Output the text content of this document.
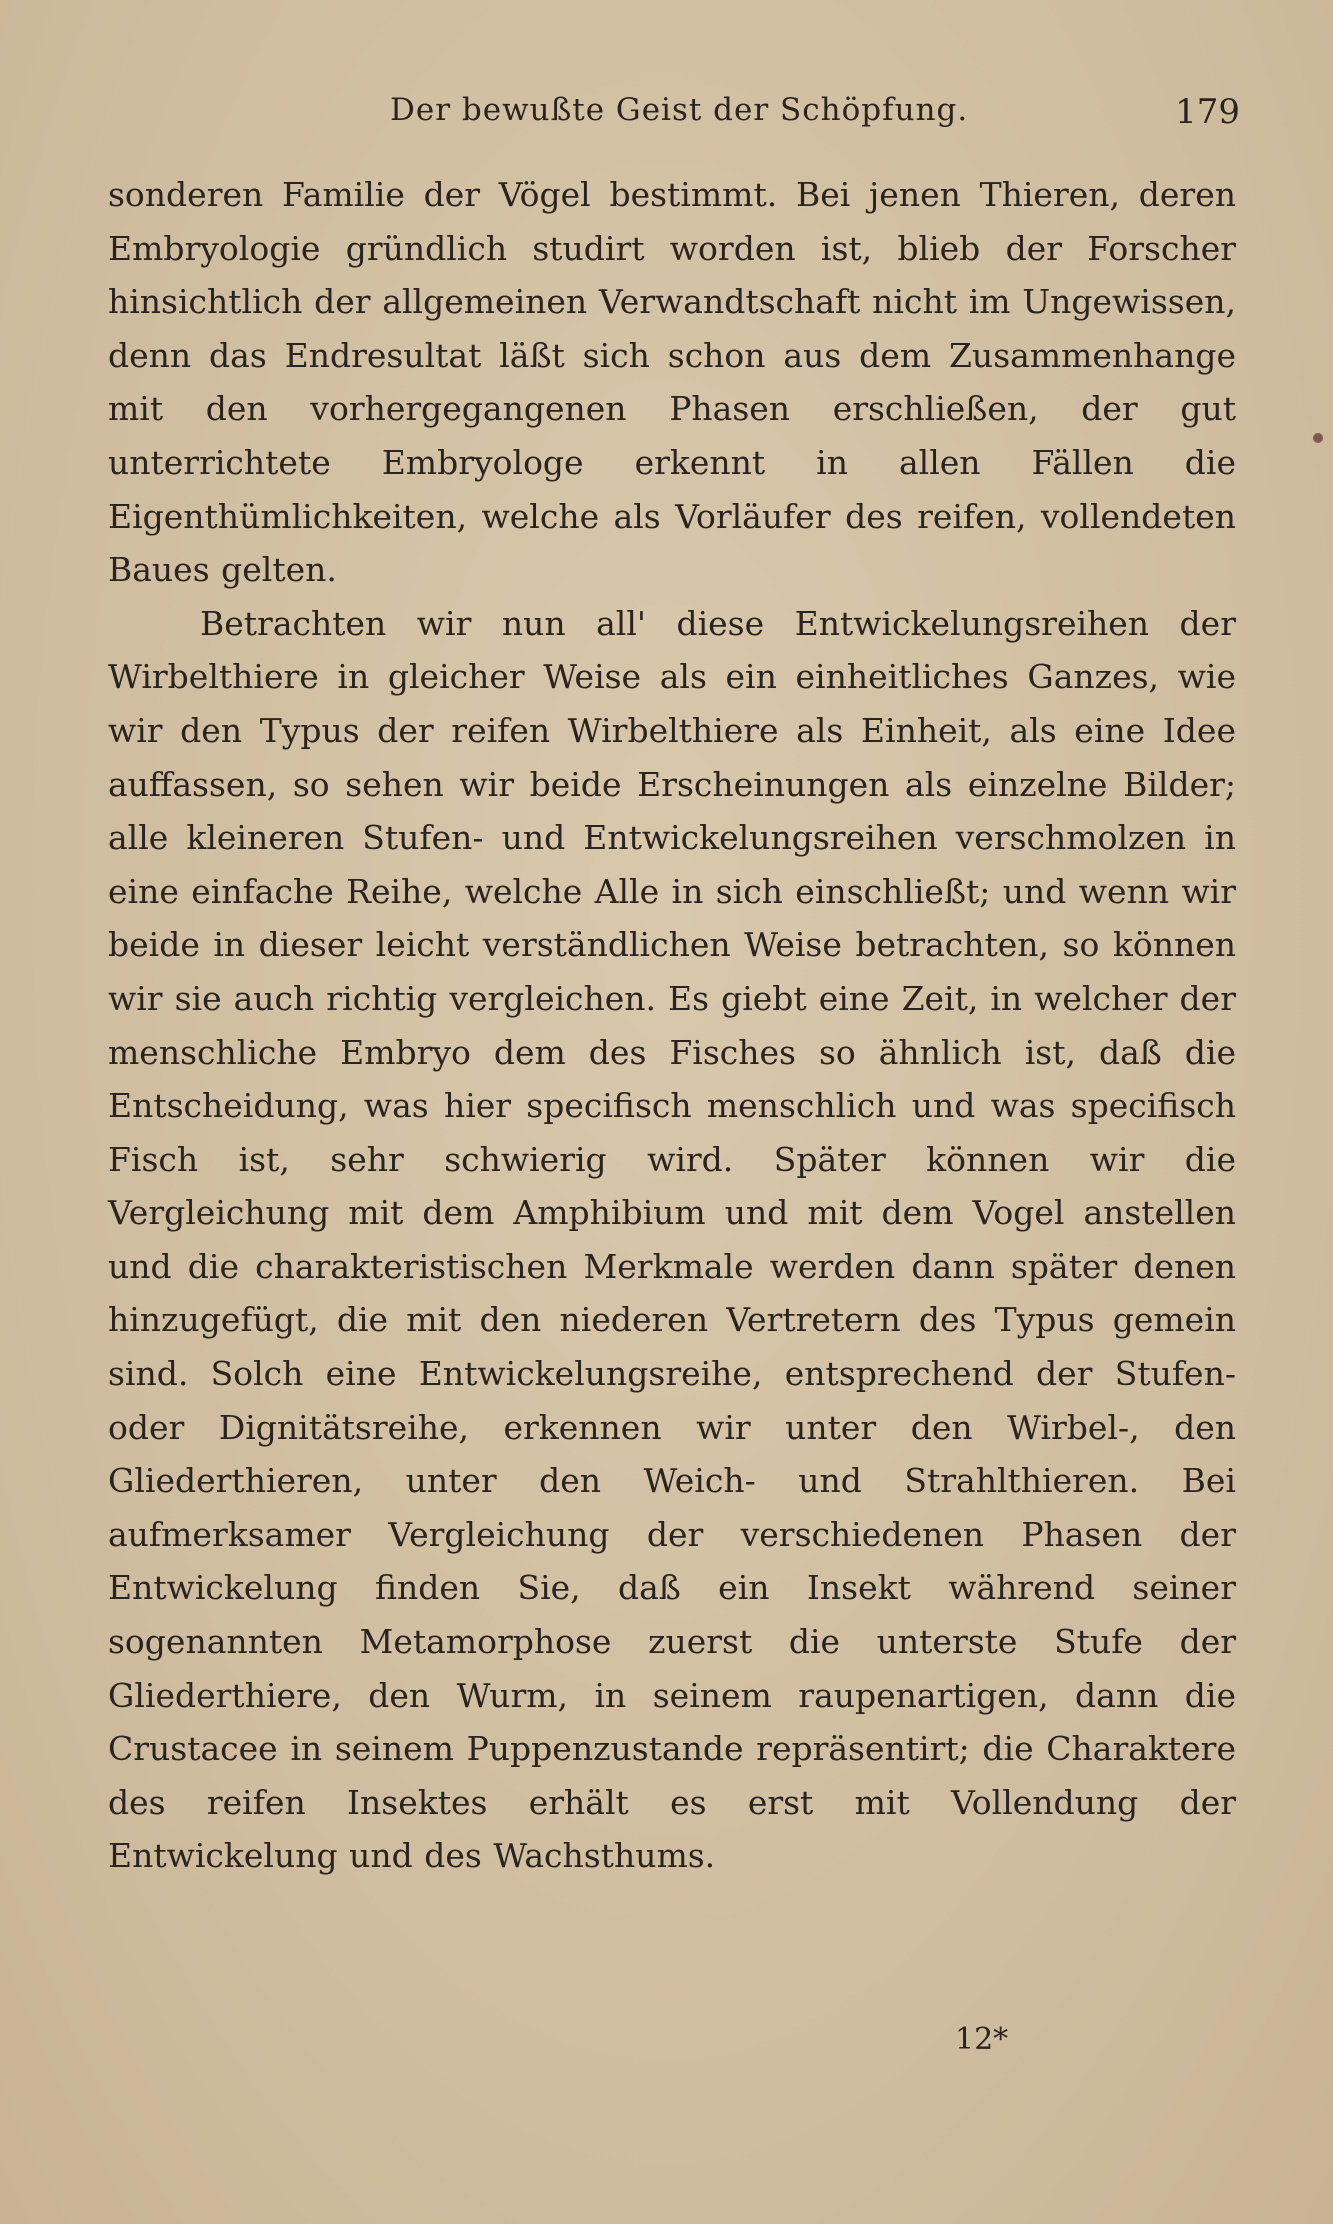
Der bewußte Geist der Schöpfung.	179

sonderen Familie der Vögel bestimmt. Bei jenen Thieren, deren Embryologie gründlich studirt worden ist, blieb der Forscher hinsichtlich der allgemeinen Verwandtschaft nicht im Ungewissen, denn das Endresultat läßt sich schon aus dem Zusammenhange mit den vorhergegangenen Phasen erschließen, der gut unterrichtete Embryologe erkennt in allen Fällen die Eigenthümlichkeiten, welche als Vorläufer des reifen, vollendeten Baues gelten.

Betrachten wir nun all' diese Entwickelungsreihen der Wirbelthiere in gleicher Weise als ein einheitliches Ganzes, wie wir den Typus der reifen Wirbelthiere als Einheit, als eine Idee auffassen, so sehen wir beide Erscheinungen als einzelne Bilder; alle kleineren Stufen- und Entwickelungsreihen verschmolzen in eine einfache Reihe, welche Alle in sich einschließt; und wenn wir beide in dieser leicht verständlichen Weise betrachten, so können wir sie auch richtig vergleichen. Es giebt eine Zeit, in welcher der menschliche Embryo dem des Fisches so ähnlich ist, daß die Entscheidung, was hier specifisch menschlich und was specifisch Fisch ist, sehr schwierig wird. Später können wir die Vergleichung mit dem Amphibium und mit dem Vogel anstellen und die charakteristischen Merkmale werden dann später denen hinzugefügt, die mit den niederen Vertretern des Typus gemein sind. Solch eine Entwickelungsreihe, entsprechend der Stufen- oder Dignitätsreihe, erkennen wir unter den Wirbel-, den Gliederthieren, unter den Weich- und Strahlthieren. Bei aufmerksamer Vergleichung der verschiedenen Phasen der Entwickelung finden Sie, daß ein Insekt während seiner sogenannten Metamorphose zuerst die unterste Stufe der Gliederthiere, den Wurm, in seinem raupenartigen, dann die Crustacee in seinem Puppenzustande repräsentirt; die Charaktere des reifen Insektes erhält es erst mit Vollendung der Entwickelung und des Wachsthums.

12*
